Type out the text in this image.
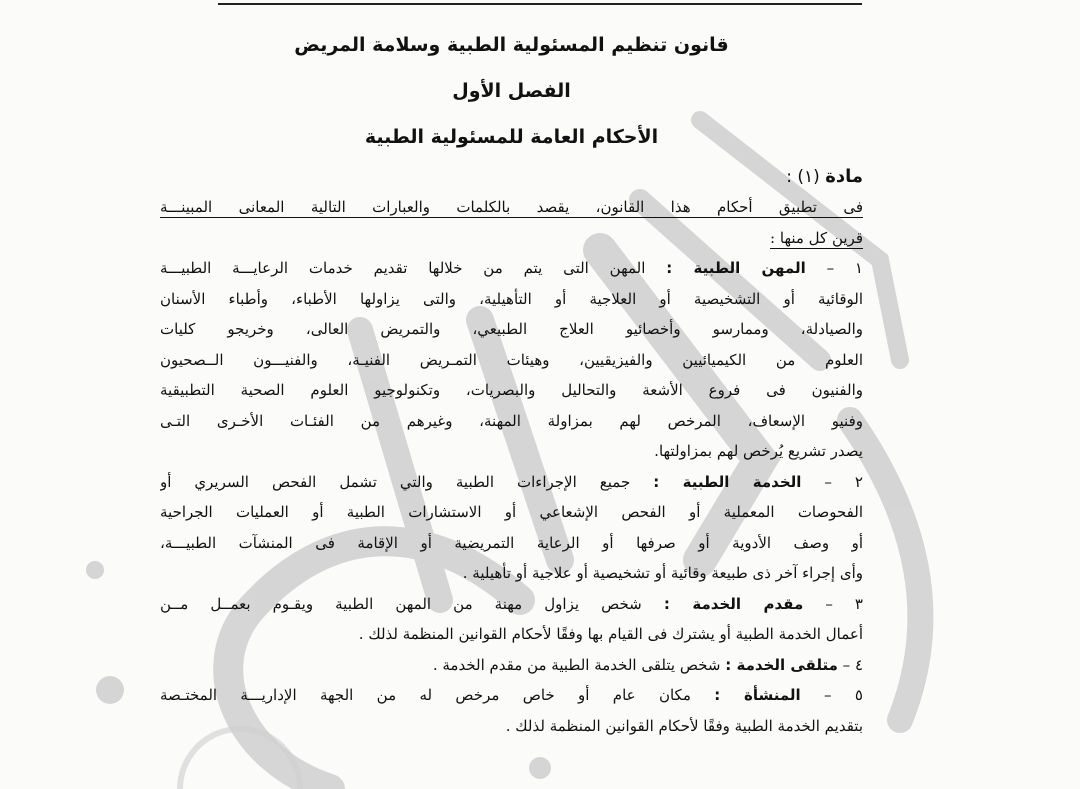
قانون تنظيم المسئولية الطبية وسلامة المريض
الفصل الأول
الأحكام العامة للمسئولية الطبية
مادة (١) :
فى تطبيق أحكام هذا القانون، يقصد بالكلمات والعبارات التالية المعانى المبينـــة
قرين كل منها :
١ – المهن الطبية : المهن التى يتم من خلالها تقديم خدمات الرعايـــة الطبيـــة
الوقائية أو التشخيصية أو العلاجية أو التأهيلية، والتى يزاولها الأطباء، وأطباء الأسنان
والصيادلة، وممارسو وأخصائيو العلاج الطبيعي، والتمريض العالى، وخريجو كليات
العلوم من الكيميائيين والفيزيقيين، وهيئات التمـريض الفنيـة، والفنيـــون الــصحيون
والفنيون فى فروع الأشعة والتحاليل والبصريات، وتكنولوجيو العلوم الصحية التطبيقية
وفنيو الإسعاف، المرخص لهم بمزاولة المهنة، وغيرهم من الفئـات الأخـرى التـى
يصدر تشريع يُرخص لهم بمزاولتها.
٢ – الخدمة الطبية : جميع الإجراءات الطبية والتي تشمل الفحص السريري أو
الفحوصات المعملية أو الفحص الإشعاعي أو الاستشارات الطبية أو العمليات الجراحية
أو وصف الأدوية أو صرفها أو الرعاية التمريضية أو الإقامة فى المنشآت الطبيـــة،
وأى إجراء آخر ذى طبيعة وقائية أو تشخيصية أو علاجية أو تأهيلية .
٣ – مقدم الخدمة : شخص يزاول مهنة من المهن الطبية ويقـوم بعمــل مــن
أعمال الخدمة الطبية أو يشترك فى القيام بها وفقًا لأحكام القوانين المنظمة لذلك .
٤ – متلقى الخدمة : شخص يتلقى الخدمة الطبية من مقدم الخدمة .
٥ – المنشأة : مكان عام أو خاص مرخص له من الجهة الإداريـــة المختـصة
بتقديم الخدمة الطبية وفقًا لأحكام القوانين المنظمة لذلك .
